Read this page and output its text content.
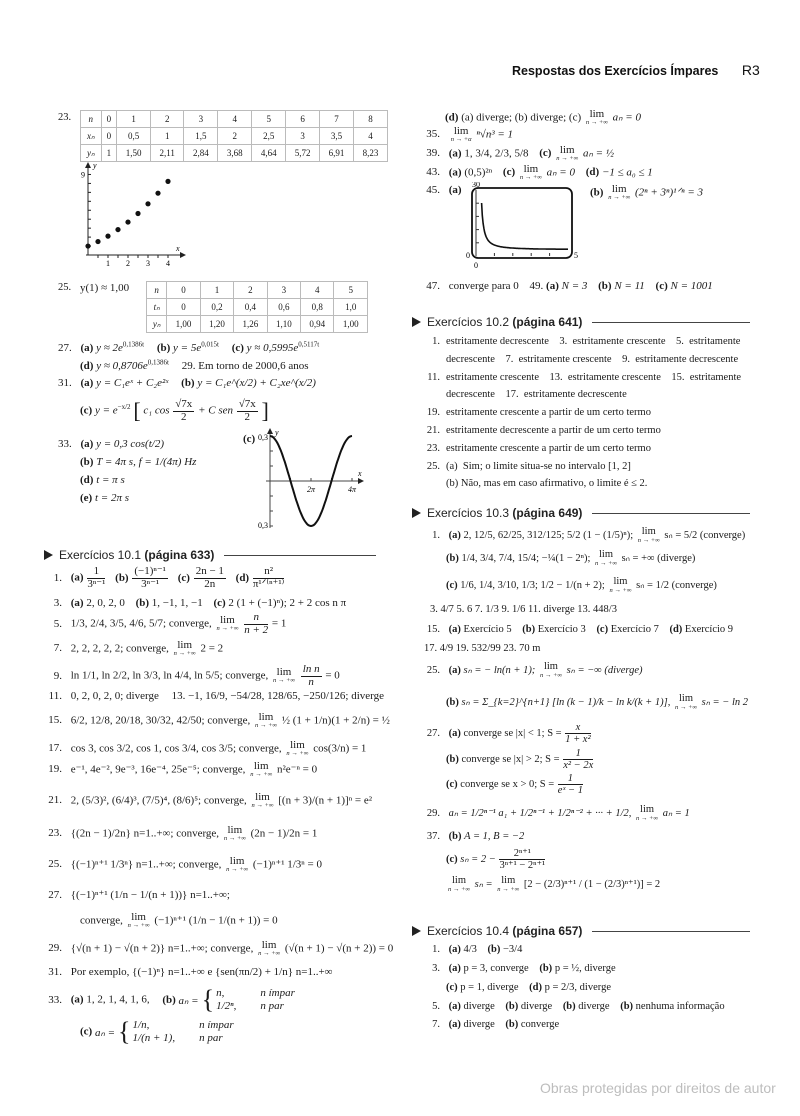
Respostas dos Exercícios Ímpares R3
23. n	0	1	2	3	4	5	6	7	8
xₙ	0	0,5	1	1,5	2	2,5	3	3,5	4
yₙ	1	1,50	2,11	2,84	3,68	4,64	5,72	6,91	8,23
1 2 3 4
9
x
y
25. y(1) ≈ 1,00	n	0	1	2	3	4	5
tₙ	0	0,2	0,4	0,6	0,8	1,0
yₙ	1,00	1,20	1,26	1,10	0,94	1,00
27. (a) $y \approx 2e^{0,1386t}$ (b) $y = 5e^{0,015t}$ (c) $y \approx 0,5995e^{0,5117t}$
(d) $y \approx 0,8706e^{0,1386t}$ 29. Em torno de 2000,6 anos
31. (a) y = C₁eˣ + C₂e²ˣ (b) y = C₁e^(x/2) + C₂xe^(x/2)
(c) $y = e^{-x/2}$ [ c₁ $\cos \frac{√7x}{2} + C$ sen $\frac{√7x}{2}$ ]
33. (a) y = 0,3 cos(t/2)
(b) T = 4π s, f = 1/(4π) Hz
(d) t = π s
(e) t = 2π s
(c)
2π	4π
0,3
0,3
x
y
Exercícios 10.1 (página 633)
1. $(a) \frac{1}{\text{3ⁿ⁻¹}} (b) \frac{\text{(−1)ⁿ⁻¹}}{\text{3ⁿ⁻¹}} (c) \frac{2n - 1}{2n} (d)$
n²
π¹ᐟ⁽ⁿ⁺¹⁾
3. (a) 2, 0, 2, 0 (b) 1, −1, 1, −1 (c) 2 (1 + (−1)ⁿ); 2 + 2 cos n π
5. 1/3, 2/4, 3/5, 4/6, 5/7; converge, lim
n → +∞
$\frac{n}{n + 2} = 1$
7. 2, 2, 2, 2, 2; converge, lim
n → +∞ 2 = 2
9. ln 1/1, ln 2/2, ln 3/3, ln 4/4, ln 5/5; converge, lim
n → +∞
$\frac{\text{ln n}}{n} = 0$
11. 0, 2, 0, 2, 0; diverge 13. −1, 16/9, −54/28, 128/65, −250/126; diverge
15. 6/2, 12/8, 20/18, 30/32, 42/50; converge, lim
n → +∞ ½ (1 + 1/n)(1 + 2/n) = ½
17. cos 3, cos 3/2, cos 1, cos 3/4, cos 3/5; converge, lim
n → +∞ cos(3/n) = 1
19. e⁻¹, 4e⁻², 9e⁻³, 16e⁻⁴, 25e⁻⁵; converge, lim
n → +∞ n²e⁻ⁿ = 0
21. 2, (5/3)², (6/4)³, (7/5)⁴, (8/6)⁵; converge, lim
n → +∞ [(n + 3)/(n + 1)]ⁿ = e²
23. {(2n − 1)/2n} n=1..+∞; converge, lim
n → +∞ (2n − 1)/2n = 1
25. {(−1)ⁿ⁺¹ 1/3ⁿ} n=1..+∞; converge, lim
n → +∞ (−1)ⁿ⁺¹ 1/3ⁿ = 0
27. {(−1)ⁿ⁺¹ (1/n − 1/(n + 1))} n=1..+∞;
converge, lim
n → +∞ (−1)ⁿ⁺¹ (1/n − 1/(n + 1)) = 0
29. {√(n + 1) − √(n + 2)} n=1..+∞; converge, lim
n → +∞ (√(n + 1) − √(n + 2)) = 0
31. Por exemplo, {(−1)ⁿ} n=1..+∞ e {sen(πn/2) + 1/n} n=1..+∞
33. (a) 1, 2, 1, 4, 1, 6, (b) aₙ = { n,	n ímpar
1/2ⁿ, n par
(c) aₙ = { 1/n,	n ímpar
1/(n + 1), n par
(d) (a) diverge; (b) diverge; (c) lim
n → +∞ aₙ = 0
35. lim
n → +α ⁿ√n³ = 1
39. (a) 1, 3/4, 2/3, 5/8 (c) lim
n → +∞ aₙ = ½
43. (a) (0,5)²ⁿ (c) lim
n → +∞ aₙ = 0 (d) −1 ≤ a₀ ≤ 1
45. (a)	(b) lim
n → +∞ (2ⁿ + 3ⁿ)¹ᐟⁿ = 3
30
0
0
5
47. converge para 0 49. (a) N = 3 (b) N = 11 (c) N = 1001
Exercícios 10.2 (página 641)
1. estritamente decrescente    3.  estritamente crescente    5.  estritamente
decrescente    7.  estritamente crescente    9.  estritamente decrescente
11. estritamente crescente    13.  estritamente crescente    15.  estritamente
decrescente    17.  estritamente decrescente
19. estritamente crescente a partir de um certo termo
21. estritamente decrescente a partir de um certo termo
23. estritamente crescente a partir de um certo termo
25. (a)  Sim; o limite situa-se no intervalo [1, 2]
(b) Não, mas em caso afirmativo, o limite é ≤ 2.
Exercícios 10.3 (página 649)
1. (a) 2, 12/5, 62/25, 312/125; 5/2 (1 − (1/5)ⁿ); lim
n → +∞ sₙ = 5/2 (converge)
(b) 1/4, 3/4, 7/4, 15/4; −¼(1 − 2ⁿ); lim
n → +∞ sₙ = +∞ (diverge)
(c) 1/6, 1/4, 3/10, 1/3; 1/2 − 1/(n + 2); lim
n → +∞ sₙ = 1/2 (converge)
3. 4/7 5. 6 7. 1/3 9. 1/6 11. diverge 13. 448/3
15. (a) Exercício 5 (b) Exercício 3 (c) Exercício 7 (d) Exercício 9
17. 4/9 19. 532/99 23. 70 m
25. (a) sₙ = − ln(n + 1); lim
n → +∞ sₙ = −∞ (diverge)
(b) sₙ = Σ_{k=2}^{n+1} [ln (k − 1)/k − ln k/(k + 1)], lim
n → +∞ sₙ = − ln 2
27. (a) converge se |x| < 1; $S = \frac{x}{\text{1 + x²}}$
(b) converge se |x| > 2; $S = \frac{1}{\text{x² − 2x}}$
(c) converge se x > 0; $S = \frac{1}{\text{eˣ − 1}}$
29. aₙ = 1/2ⁿ⁻¹ a₁ + 1/2ⁿ⁻¹ + 1/2ⁿ⁻² + ··· + 1/2, lim
n → +∞ aₙ = 1
37. (b) A = 1, B = −2
(c) $s_n = 2 - \frac{\text{2ⁿ⁺¹}}{\text{3ⁿ⁺¹ − 2ⁿ⁺¹}}$
lim
n → +∞ sₙ = lim
n → +∞ [2 − (2/3)ⁿ⁺¹ / (1 − (2/3)ⁿ⁺¹)] = 2
Exercícios 10.4 (página 657)
1. (a) 4/3 (b) −3/4
3. (a) p = 3, converge (b) p = ½, diverge
(c) p = 1, diverge (d) p = 2/3, diverge
5. (a) diverge (b) diverge (b) diverge (b) nenhuma informação
7. (a) diverge (b) converge
Obras protegidas por direitos de autor
